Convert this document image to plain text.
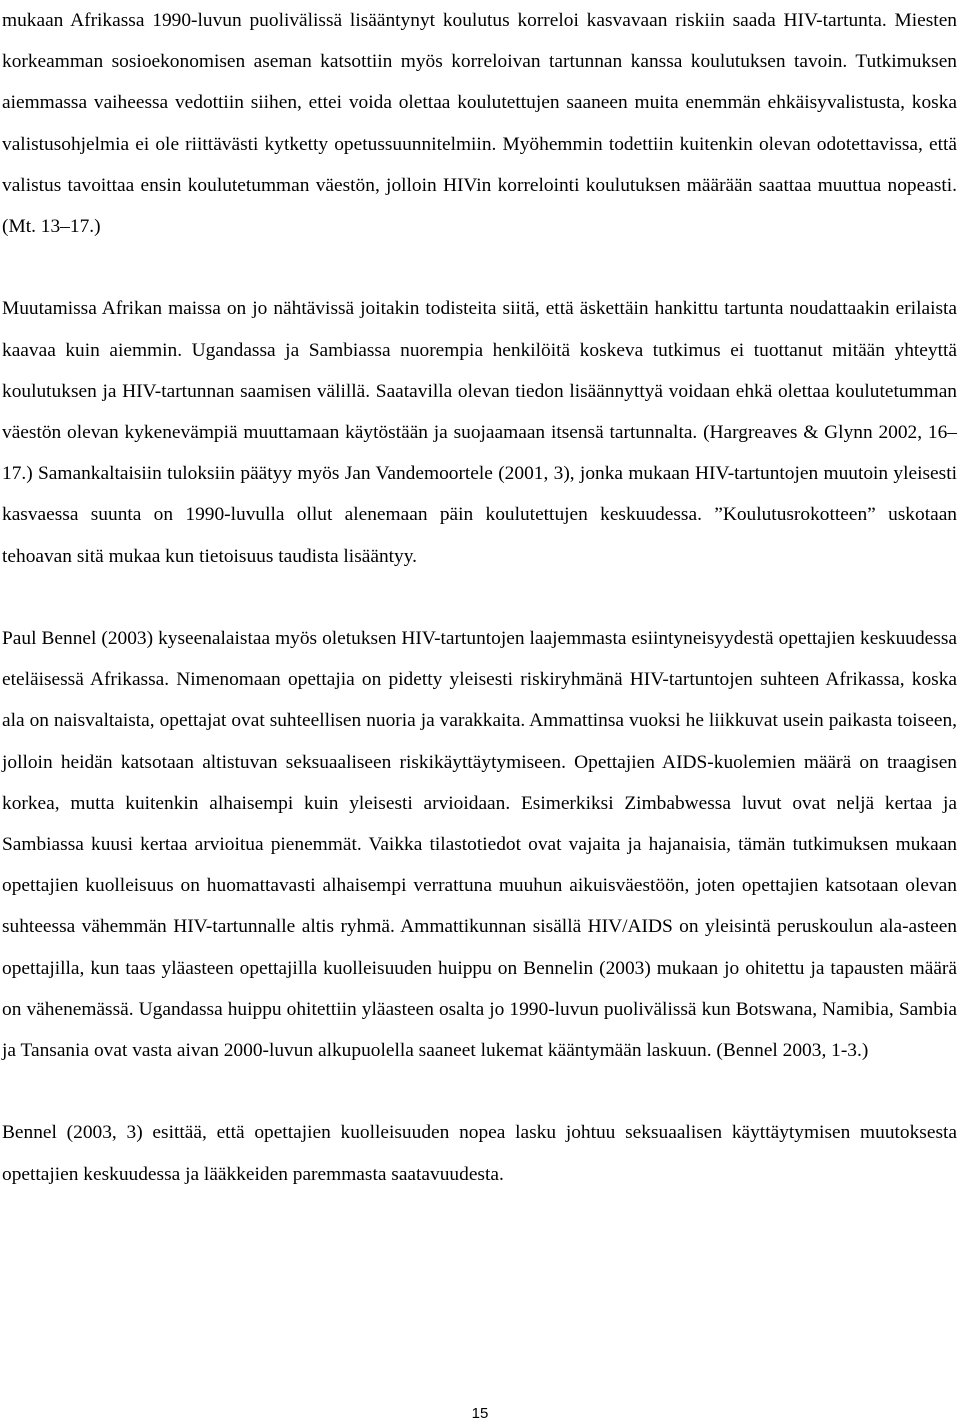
mukaan Afrikassa 1990-luvun puolivälissä lisääntynyt koulutus korreloi kasvavaan riskiin saada HIV-tartunta. Miesten korkeamman sosioekonomisen aseman katsottiin myös korreloivan tartunnan kanssa koulutuksen tavoin. Tutkimuksen aiemmassa vaiheessa vedottiin siihen, ettei voida olettaa koulutettujen saaneen muita enemmän ehkäisyvalistusta, koska valistusohjelmia ei ole riittävästi kytketty opetussuunnitelmiin. Myöhemmin todettiin kuitenkin olevan odotettavissa, että valistus tavoittaa ensin koulutetumman väestön, jolloin HIVin korrelointi koulutuksen määrään saattaa muuttua nopeasti. (Mt. 13–17.)

Muutamissa Afrikan maissa on jo nähtävissä joitakin todisteita siitä, että äskettäin hankittu tartunta noudattaakin erilaista kaavaa kuin aiemmin. Ugandassa ja Sambiassa nuorempia henkilöitä koskeva tutkimus ei tuottanut mitään yhteyttä koulutuksen ja HIV-tartunnan saamisen välillä. Saatavilla olevan tiedon lisäännyttyä voidaan ehkä olettaa koulutetumman väestön olevan kykenevämpiä muuttamaan käytöstään ja suojaamaan itsensä tartunnalta. (Hargreaves & Glynn 2002, 16–17.) Samankaltaisiin tuloksiin päätyy myös Jan Vandemoortele (2001, 3), jonka mukaan HIV-tartuntojen muutoin yleisesti kasvaessa suunta on 1990-luvulla ollut alenemaan päin koulutettujen keskuudessa. ”Koulutusrokotteen” uskotaan tehoavan sitä mukaa kun tietoisuus taudista lisääntyy.

Paul Bennel (2003) kyseenalaistaa myös oletuksen HIV-tartuntojen laajemmasta esiintyneisyydestä opettajien keskuudessa eteläisessä Afrikassa. Nimenomaan opettajia on pidetty yleisesti riskiryhmänä HIV-tartuntojen suhteen Afrikassa, koska ala on naisvaltaista, opettajat ovat suhteellisen nuoria ja varakkaita. Ammattinsa vuoksi he liikkuvat usein paikasta toiseen, jolloin heidän katsotaan altistuvan seksuaaliseen riskikäyttäytymiseen. Opettajien AIDS-kuolemien määrä on traagisen korkea, mutta kuitenkin alhaisempi kuin yleisesti arvioidaan. Esimerkiksi Zimbabwessa luvut ovat neljä kertaa ja Sambiassa kuusi kertaa arvioitua pienemmät. Vaikka tilastotiedot ovat vajaita ja hajanaisia, tämän tutkimuksen mukaan opettajien kuolleisuus on huomattavasti alhaisempi verrattuna muuhun aikuisväestöön, joten opettajien katsotaan olevan suhteessa vähemmän HIV-tartunnalle altis ryhmä. Ammattikunnan sisällä HIV/AIDS on yleisintä peruskoulun ala-asteen opettajilla, kun taas yläasteen opettajilla kuolleisuuden huippu on Bennelin (2003) mukaan jo ohitettu ja tapausten määrä on vähenemässä. Ugandassa huippu ohitettiin yläasteen osalta jo 1990-luvun puolivälissä kun Botswana, Namibia, Sambia ja Tansania ovat vasta aivan 2000-luvun alkupuolella saaneet lukemat kääntymään laskuun. (Bennel 2003, 1-3.)

Bennel (2003, 3) esittää, että opettajien kuolleisuuden nopea lasku johtuu seksuaalisen käyttäytymisen muutoksesta opettajien keskuudessa ja lääkkeiden paremmasta saatavuudesta.

15
